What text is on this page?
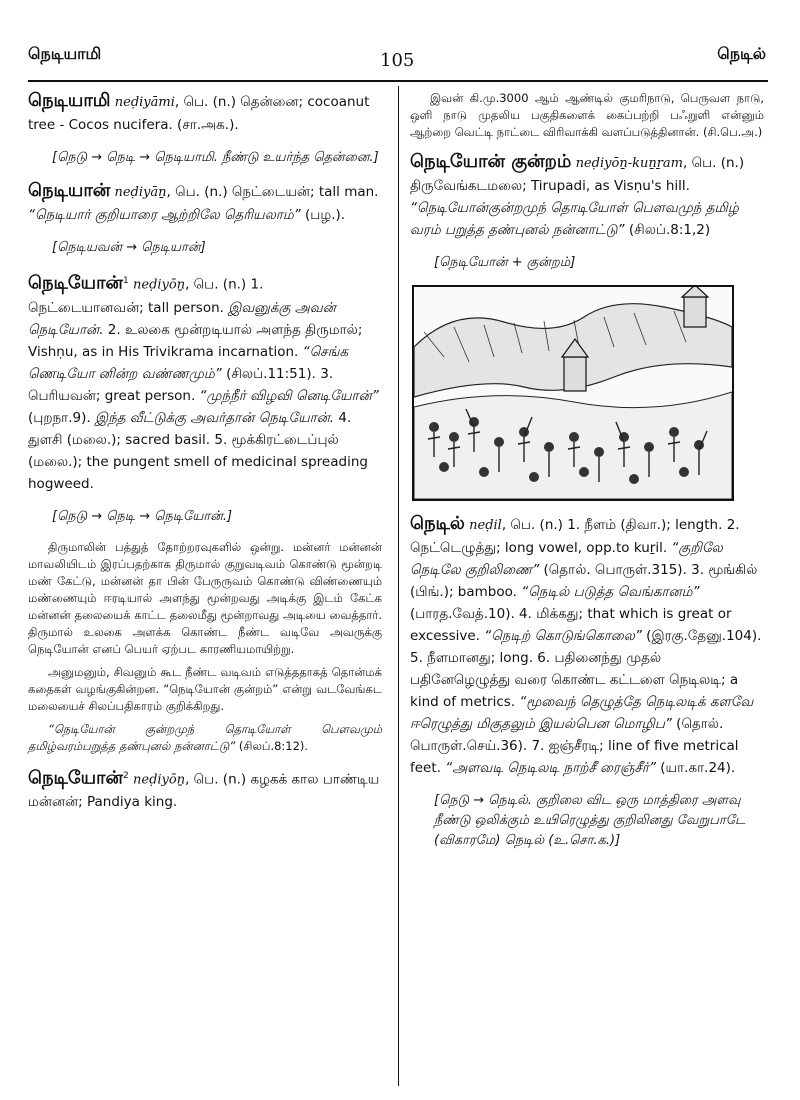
நெடியாமி	105	நெடில்
நெடியாமி neḍiyāmi, பெ. (n.) தென்னை; cocoanut tree - Cocos nucifera. (சா.அக.).
[நெடு → நெடி → நெடியாமி. நீண்டு உயர்ந்த தென்னை.]
நெடியான் neḍiyāṉ, பெ. (n.) நெட்டையன்; tall man. “நெடியார் குறியாரை ஆற்றிலே தெரியலாம்” (பழ.).
[நெடியவன் → நெடியான்]
நெடியோன்$^1$ neḍiyōṉ, பெ. (n.) 1. நெட்டையானவன்; tall person. இவனுக்கு அவன் நெடியோன். 2. உலகை மூன்றடியால் அளந்த திருமால்; Vishṇu, as in His Trivikrama incarnation. “செங்க ணெடியோ னின்ற வண்ணமும்” (சிலப்.11:51). 3. பெரியவன்; great person. “முந்நீர் விழவி னெடியோன்” (புறநா.9). இந்த வீட்டுக்கு அவர்தான் நெடியோன். 4. துளசி (மலை.); sacred basil. 5. மூக்கிரட்டைப்புல் (மலை.); the pungent smell of medicinal spreading hogweed.
[நெடு → நெடி → நெடியோன்.]

திருமாலின் பத்துத் தோற்றரவுகளில் ஒன்று. மன்னர் மன்னன் மாவலியிடம் இரப்பதற்காக திருமால் குறுவடிவம் கொண்டு மூன்றடி மண் கேட்டு, மன்னன் தா பின் பேருருவம் கொண்டு விண்ணையும் மண்ணையும் ஈரடியால் அளந்து மூன்றவது அடிக்கு இடம் கேட்க மன்னன் தலையைக் காட்ட தலைமீது மூன்றாவது அடியை வைத்தார். திருமால் உலகை அளக்க கொண்ட நீண்ட வடிவே அவருக்கு நெடியோன் எனப் பெயர் ஏற்பட காரணியமாயிற்று.

அனுமனும், சிவனும் கூட நீண்ட வடிவம் எடுத்ததாகத் தொன்மக் கதைகள் வழங்குகின்றன. “நெடியோன் குன்றம்” என்று வடவேங்கட மலையைச் சிலப்பதிகாரம் குறிக்கிறது.

“நெடியோன் குன்றமுந் தொடியோள் பௌவமும் தமிழ்வரம்பறுத்த தண்புனல் நன்னாட்டு” (சிலப்.8:12).

நெடியோன்$^2$ neḍiyōṉ, பெ. (n.) கழகக் கால பாண்டிய மன்னன்; Pandiya king.

இவன் கி.மு.3000 ஆம் ஆண்டில் குமரிநாடு, பெருவள நாடு, ஒளி நாடு முதலிய பகுதிகளைக் கைப்பற்றி பஃறுளி என்னும் ஆற்றை வெட்டி நாட்டை விரிவாக்கி வளப்படுத்தினான். (சி.பெ.அ.)

நெடியோன் குன்றம் neḍiyōṉ-kuṉṟam, பெ. (n.) திருவேங்கடமலை; Tirupadi, as Visṇu's hill. “நெடியோன்குன்றமுந் தொடியோள் பௌவமுந் தமிழ் வரம் பறுத்த தண்புனல் நன்னாட்டு” (சிலப்.8:1,2)
[நெடியோன் + குன்றம்]
நெடில் neḍil, பெ. (n.) 1. நீளம் (திவா.); length. 2. நெட்டெழுத்து; long vowel, opp.to kuṟil. “குறிலே நெடிலே குறிலிணை” (தொல். பொருள்.315). 3. மூங்கில் (பிங்.); bamboo. “நெடில் படுத்த வெங்கானம்” (பாரத.வேத்.10). 4. மிக்கது; that which is great or excessive. “நெடிற் கொடுங்கொலை” (இரகு.தேனு.104). 5. நீளமானது; long. 6. பதினைந்து முதல் பதினேழெழுத்து வரை கொண்ட கட்டளை நெடிலடி; a kind of metrics. “மூவைந் தெழுத்தே நெடிலடிக் களவே ஈரெழுத்து மிகுதலும் இயல்பென மொழிப” (தொல். பொருள்.செய்.36). 7. ஐஞ்சீரடி; line of five metrical feet. “அளவடி நெடிலடி நாற்சீ ரைஞ்சீர்” (யா.கா.24).
[நெடு → நெடில். குறிலை விட ஒரு மாத்திரை அளவு நீண்டு ஒலிக்கும் உயிரெழுத்து குறிலினது வேறுபாடே (விகாரமே) நெடில் (உ.சொ.க.)]
